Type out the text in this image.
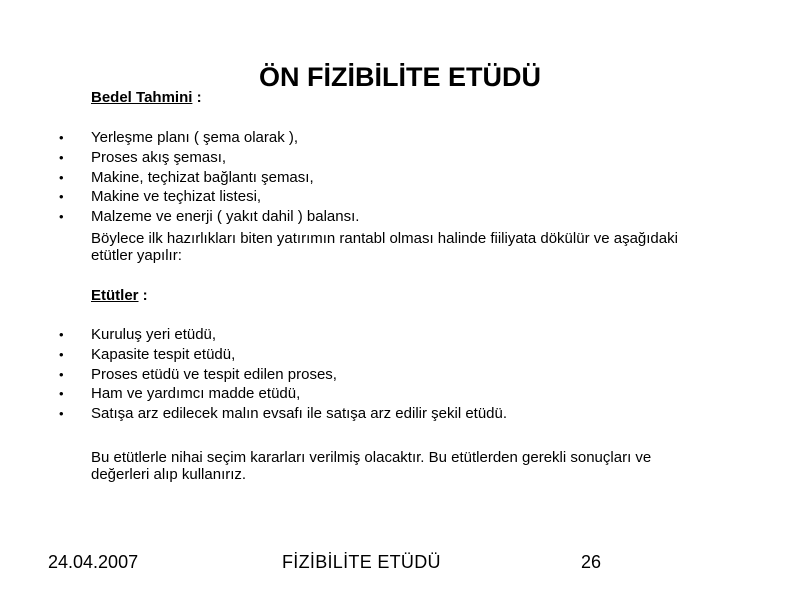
ÖN FİZİBİLİTE ETÜDÜ
Bedel Tahmini :
• Yerleşme planı ( şema olarak ),
• Proses akış şeması,
• Makine, teçhizat bağlantı şeması,
• Makine ve teçhizat listesi,
• Malzeme ve enerji ( yakıt dahil ) balansı.

Böylece ilk hazırlıkları biten yatırımın rantabl olması halinde fiiliyata dökülür ve aşağıdaki etütler yapılır:

Etütler :
• Kuruluş yeri etüdü,
• Kapasite tespit etüdü,
• Proses etüdü ve tespit edilen proses,
• Ham ve yardımcı madde etüdü,
• Satışa arz edilecek malın evsafı ile satışa arz edilir şekil etüdü.

Bu etütlerle nihai seçim kararları verilmiş olacaktır. Bu etütlerden gerekli sonuçları ve değerleri alıp kullanırız.

24.04.2007	FİZİBİLİTE ETÜDÜ	26
